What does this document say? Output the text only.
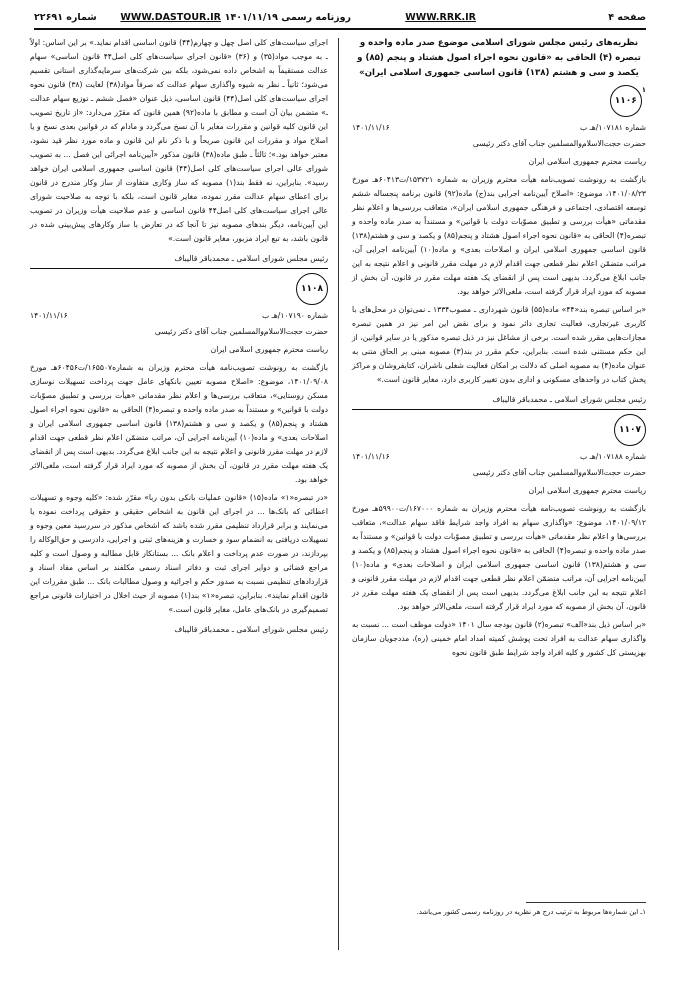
صفحه ۴
WWW.RRK.IR
روزنامه رسمی ۱۴۰۱/۱۱/۱۹
WWW.DASTOUR.IR
شماره ۲۲۶۹۱
نظریه‌های رئیس مجلس شورای اسلامی موضوع صدر ماده واحده و تبصره (۴) الحاقی به «قانون نحوه اجراء اصول هشتاد و پنجم (۸۵) و یکصد و سی و هشتم (۱۳۸) قانون اساسی جمهوری اسلامی ایران»
۱
۱۱۰۶
شماره ۱۰۷۱۸۱/هـ ب
۱۴۰۱/۱۱/۱۶

حضرت حجت‌الاسلام‌والمسلمین جناب آقای دکتر رئیسی

ریاست محترم جمهوری اسلامی ایران

بازگشت به رونوشت تصویب‌نامه هیأت محترم وزیران به شماره ۱۵۳۷۲۱/ت۶۰۴۱۳هـ مورخ ۱۴۰۱/۰۸/۲۳، موضوع: «اصلاح آیین‌نامه اجرایی بند(ج) ماده(۹۲) قانون برنامه پنجساله ششم توسعه اقتصادی، اجتماعی و فرهنگی جمهوری اسلامی ایران»، متعاقب بررسی‌ها و اعلام نظر مقدماتی «هیأت بررسی و تطبیق مصوّبات دولت با قوانین» و مستنداً به صدر ماده واحده و تبصره(۴) الحاقی به «قانون نحوه اجراء اصول هشتاد و پنجم(۸۵) و یکصد و سی و هشتم(۱۳۸) قانون اساسی جمهوری اسلامی ایران و اصلاحات بعدی» و ماده(۱۰) آیین‌نامه اجرایی آن، مراتب متضمّن اعلام نظر قطعی جهت اقدام لازم در مهلت مقرر قانونی و اعلام نتیجه به این جانب ابلاغ می‌گردد. بدیهی است پس از انقضای یک هفته مهلت مقرر در قانون، آن بخش از مصوبه که مورد ایراد قرار گرفته است، ملغی‌الاثر خواهد بود.

«بر اساس تبصره بند«۴۴» ماده(۵۵) قانون شهرداری ـ مصوب۱۳۳۴ ـ نمی‌توان در محل‌های با کاربری غیرتجاری، فعالیت تجاری دائر نمود و برای نقض این امر نیز در همین تبصره مجازات‌هایی مقرر شده است. برخی از مشاغل نیز در ذیل تبصره مذکور یا در سایر قوانین، از این حکم مستثنی شده است. بنابراین، حکم مقرر در بند(۳) مصوبه مبنی بر الحاق متنی به عنوان ماده(۴) به مصوبه اصلی که دلالت بر امکان فعالیت شغلی ناشران، کتابفروشان و مراکز پخش کتاب در واحدهای مسکونی و اداری بدون تغییر کاربری دارد، مغایر قانون است.»

رئیس مجلس شورای اسلامی ـ محمدباقر قالیباف
۱۱۰۷
شماره ۱۰۷۱۸۸/هـ ب
۱۴۰۱/۱۱/۱۶

حضرت حجت‌الاسلام‌والمسلمین جناب آقای دکتر رئیسی

ریاست محترم جمهوری اسلامی ایران

بازگشت به رونوشت تصویب‌نامه هیأت محترم وزیران به شماره ۱۶۷۰۰۰/ت۵۹۹۰۰هـ مورخ ۱۴۰۱/۰۹/۱۲، موضوع: «واگذاری سهام به افراد واجد شرایط فاقد سهام عدالت»، متعاقب بررسی‌ها و اعلام نظر مقدماتی «هیأت بررسی و تطبیق مصوّبات دولت با قوانین» و مستنداً به صدر ماده واحده و تبصره(۴) الحاقی به «قانون نحوه اجراء اصول هشتاد و پنجم(۸۵) و یکصد و سی و هشتم(۱۳۸) قانون اساسی جمهوری اسلامی ایران و اصلاحات بعدی» و ماده(۱۰) آیین‌نامه اجرایی آن، مراتب متضمّن اعلام نظر قطعی جهت اقدام لازم در مهلت مقرر قانونی و اعلام نتیجه به این جانب ابلاغ می‌گردد. بدیهی است پس از انقضای یک هفته مهلت مقرر در قانون، آن بخش از مصوبه که مورد ایراد قرار گرفته است، ملغی‌الاثر خواهد بود.

«بر اساس ذیل بند«الف» تبصره(۲) قانون بودجه سال ۱۴۰۱ «دولت موظف است ... نسبت به واگذاری سهام عدالت به افراد تحت پوشش کمیته امداد امام خمینی (ره)، مددجویان سازمان بهزیستی کل کشور و کلیه افراد واجد شرایط طبق قانون نحوه

۱ـ این شماره‌ها مربوط به ترتیب درج هر نظریه در روزنامه رسمی کشور می‌باشد.

اجرای سیاست‌های کلی اصل چهل و چهارم(۴۴) قانون اساسی اقدام نماید.» بر این اساس: اولاً ـ به موجب مواد(۳۵) و (۳۶) «قانون اجرای سیاست‌های کلی اصل۴۴ قانون اساسی» سهام عدالت مستقیماً به اشخاص داده نمی‌شود، بلکه بین شرکت‌های سرمایه‌گذاری استانی تقسیم می‌شود؛ ثانیاً ـ نظر به شیوه واگذاری سهام عدالت که صرفاً مواد(۳۸) لغایت (۳۸) قانون نحوه اجرای سیاست‌های کلی اصل(۴۴) قانون اساسی، ذیل عنوان «فصل ششم ـ توزیع سهام عدالت ـ» متضمن بیان آن است و مطابق با ماده(۹۲) همین قانون که مقرّر می‌دارد: «از تاریخ تصویب این قانون کلیه قوانین و مقررات مغایر با آن نسخ می‌گردد و مادام که در قوانین بعدی نسخ و یا اصلاح مواد و مقررات این قانون صریحاً و با ذکر نام این قانون و ماده مورد نظر قید نشود، معتبر خواهد بود.»؛ ثالثاً ـ طبق ماده(۳۸) قانون مذکور «آیین‌نامه اجرائی این فصل ... به تصویب شورای عالی اجرای سیاست‌های کلی اصل(۴۴) قانون اساسی جمهوری اسلامی ایران خواهد رسید». بنابراین، نه فقط بند(۱) مصوبه که ساز وکاری متفاوت از ساز وکار مندرج در قانون برای اعطای سهام عدالت مقرر نموده، مغایر قانون است، بلکه با توجه به صلاحیت شورای عالی اجرای سیاست‌های کلی اصل۴۴ قانون اساسی و عدم صلاحیت هیأت وزیران در تصویب این آیین‌نامه، دیگر بندهای مصوبه نیز تا آنجا که در تعارض با ساز وکارهای پیش‌بینی شده در قانون باشد، به تبع ایراد مزبور، مغایر قانون است.»

رئیس مجلس شورای اسلامی ـ محمدباقر قالیباف
۱۱۰۸
شماره ۱۰۷۱۹۰/هـ ب
۱۴۰۱/۱۱/۱۶

حضرت حجت‌الاسلام‌والمسلمین جناب آقای دکتر رئیسی

ریاست محترم جمهوری اسلامی ایران

بازگشت به رونوشت تصویب‌نامه هیأت محترم وزیران به شماره۱۶۵۵۰۷/ت۶۰۴۵۶هـ مورخ ۱۴۰۱/۰۹/۰۸، موضوع: «اصلاح مصوبه تعیین بانکهای عامل جهت پرداخت تسهیلات نوسازی مسکن روستایی»، متعاقب بررسی‌ها و اعلام نظر مقدماتی «هیأت بررسی و تطبیق مصوّبات دولت با قوانین» و مستنداً به صدر ماده واحده و تبصره(۴) الحاقی به «قانون نحوه اجراء اصول هشتاد و پنجم(۸۵) و یکصد و سی و هشتم(۱۳۸) قانون اساسی جمهوری اسلامی ایران و اصلاحات بعدی» و ماده(۱۰) آیین‌نامه اجرایی آن، مراتب متضمّن اعلام نظر قطعی جهت اقدام لازم در مهلت مقرر قانونی و اعلام نتیجه به این جانب ابلاغ می‌گردد. بدیهی است پس از انقضای یک هفته مهلت مقرر در قانون، آن بخش از مصوبه که مورد ایراد قرار گرفته است، ملغی‌الاثر خواهد بود.

«در تبصره«۱» ماده(۱۵) «قانون عملیات بانکی بدون ربا» مقرّر شده: «کلیه وجوه و تسهیلات اعطائی که بانک‌ها ... در اجرای این قانون به اشخاص حقیقی و حقوقی پرداخت نموده یا می‌نمایند و برابر قرارداد تنظیمی مقرر شده باشد که اشخاص مذکور در سررسید معین وجوه و تسهیلات دریافتی به انضمام سود و خسارت و هزینه‌های ثبتی و اجرایی، دادرسی و حق‌الوکاله را بپردازند، در صورت عدم پرداخت و اعلام بانک ... بستانکار قابل مطالبه و وصول است و کلیه مراجع قضائی و دوایر اجرای ثبت و دفاتر اسناد رسمی مکلفند بر اساس مفاد اسناد و قراردادهای تنظیمی نسبت به صدور حکم و اجرائیه و وصول مطالبات بانک ... طبق مقررات این قانون اقدام نمایند». بنابراین، تبصره«۱» بند(۱) مصوبه از حیث اخلال در اختیارات قانونی مراجع تصمیم‌گیری در بانک‌های عامل، مغایر قانون است.»

رئیس مجلس شورای اسلامی ـ محمدباقر قالیباف
